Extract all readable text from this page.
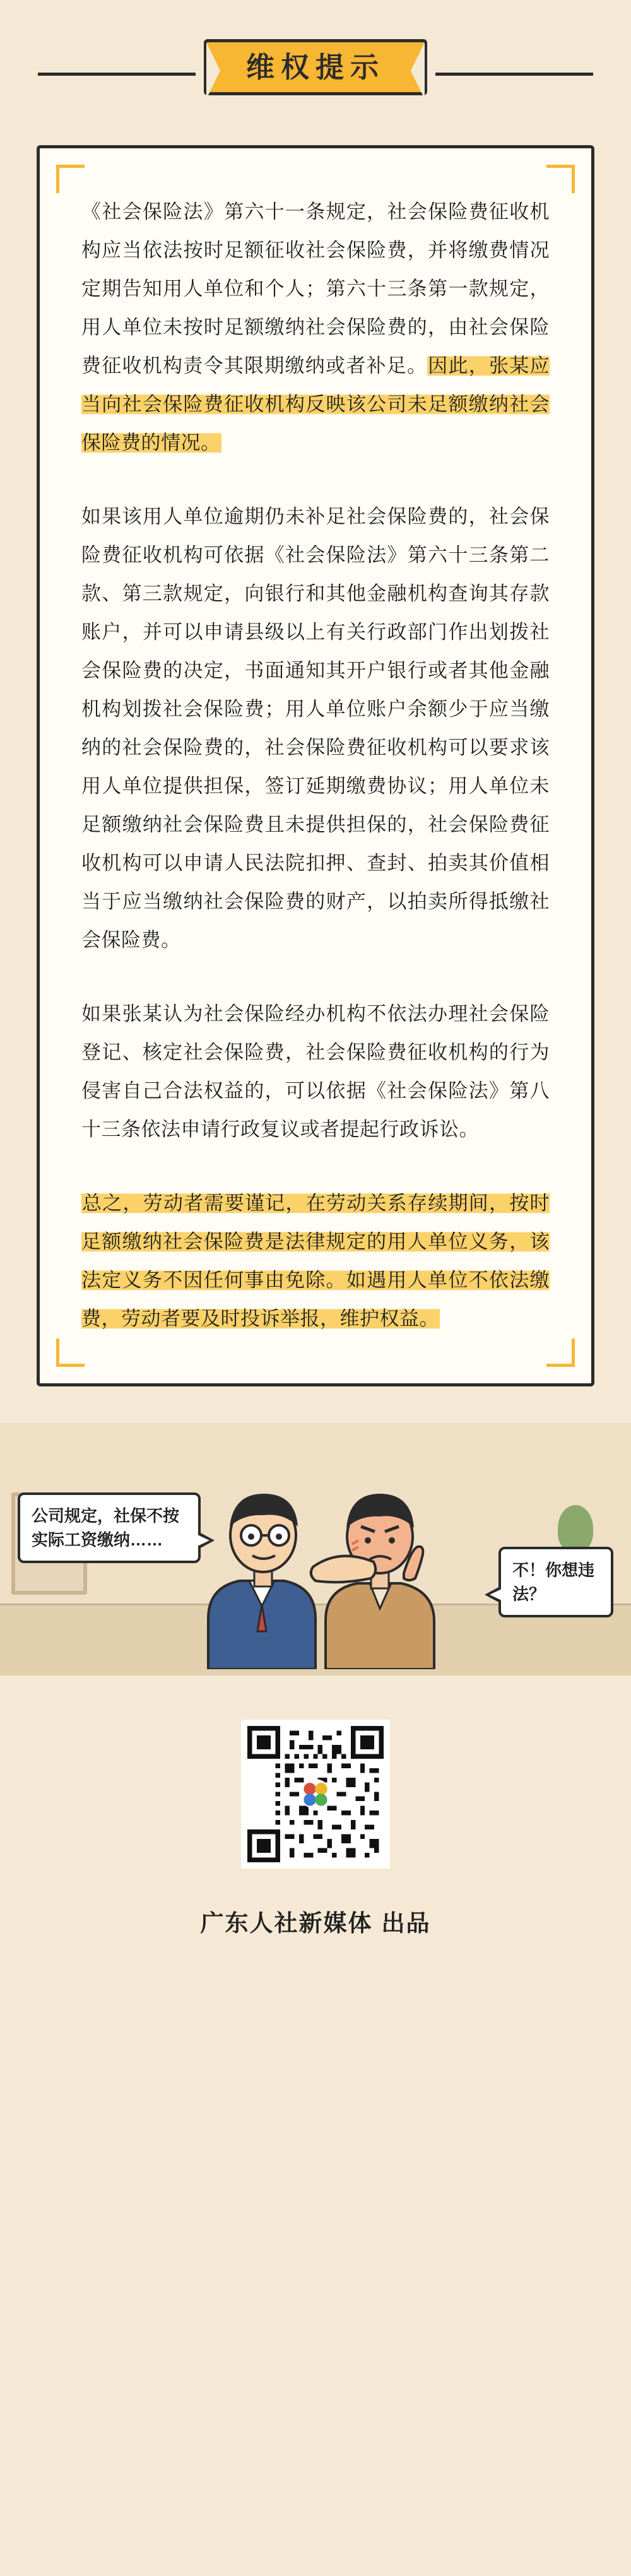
维权提示

《社会保险法》第六十一条规定，社会保险费征收机构应当依法按时足额征收社会保险费，并将缴费情况定期告知用人单位和个人；第六十三条第一款规定，用人单位未按时足额缴纳社会保险费的，由社会保险费征收机构责令其限期缴纳或者补足。因此，张某应当向社会保险费征收机构反映该公司未足额缴纳社会保险费的情况。

如果该用人单位逾期仍未补足社会保险费的，社会保险费征收机构可依据《社会保险法》第六十三条第二款、第三款规定，向银行和其他金融机构查询其存款账户，并可以申请县级以上有关行政部门作出划拨社会保险费的决定，书面通知其开户银行或者其他金融机构划拨社会保险费；用人单位账户余额少于应当缴纳的社会保险费的，社会保险费征收机构可以要求该用人单位提供担保，签订延期缴费协议；用人单位未足额缴纳社会保险费且未提供担保的，社会保险费征收机构可以申请人民法院扣押、查封、拍卖其价值相当于应当缴纳社会保险费的财产，以拍卖所得抵缴社会保险费。

如果张某认为社会保险经办机构不依法办理社会保险登记、核定社会保险费，社会保险费征收机构的行为侵害自己合法权益的，可以依据《社会保险法》第八十三条依法申请行政复议或者提起行政诉讼。

总之，劳动者需要谨记，在劳动关系存续期间，按时足额缴纳社会保险费是法律规定的用人单位义务，该法定义务不因任何事由免除。如遇用人单位不依法缴费，劳动者要及时投诉举报，维护权益。

公司规定，社保不按实际工资缴纳……
不！你想违法？
广东人社新媒体 出品
